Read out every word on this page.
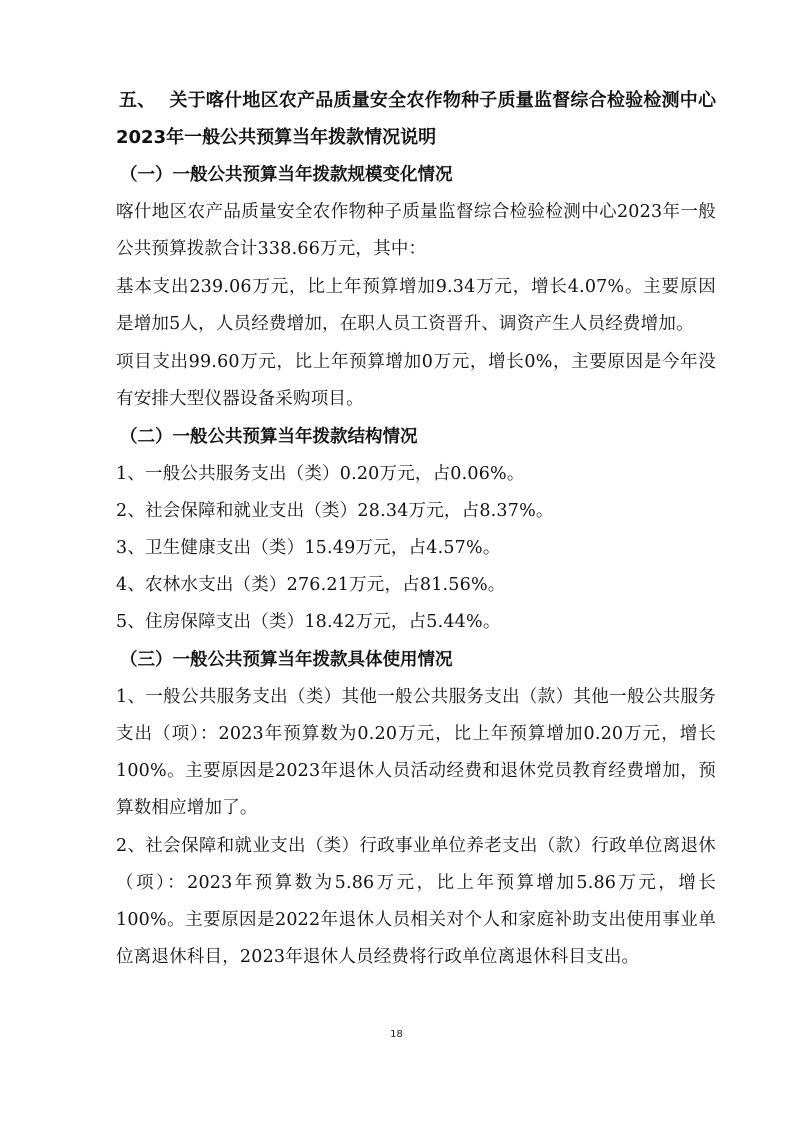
五、 关于喀什地区农产品质量安全农作物种子质量监督综合检验检测中心2023年一般公共预算当年拨款情况说明

（一）一般公共预算当年拨款规模变化情况

喀什地区农产品质量安全农作物种子质量监督综合检验检测中心2023年一般公共预算拨款合计338.66万元，其中：

基本支出239.06万元，比上年预算增加9.34万元，增长4.07%。主要原因是增加5人，人员经费增加，在职人员工资晋升、调资产生人员经费增加。

项目支出99.60万元，比上年预算增加0万元，增长0%，主要原因是今年没有安排大型仪器设备采购项目。

（二）一般公共预算当年拨款结构情况

1、一般公共服务支出（类）0.20万元，占0.06%。

2、社会保障和就业支出（类）28.34万元，占8.37%。

3、卫生健康支出（类）15.49万元，占4.57%。

4、农林水支出（类）276.21万元，占81.56%。

5、住房保障支出（类）18.42万元，占5.44%。

（三）一般公共预算当年拨款具体使用情况

1、一般公共服务支出（类）其他一般公共服务支出（款）其他一般公共服务支出（项）：2023年预算数为0.20万元，比上年预算增加0.20万元，增长100%。主要原因是2023年退休人员活动经费和退休党员教育经费增加，预算数相应增加了。

2、社会保障和就业支出（类）行政事业单位养老支出（款）行政单位离退休（项）：2023年预算数为5.86万元，比上年预算增加5.86万元，增长100%。主要原因是2022年退休人员相关对个人和家庭补助支出使用事业单位离退休科目，2023年退休人员经费将行政单位离退休科目支出。

18
